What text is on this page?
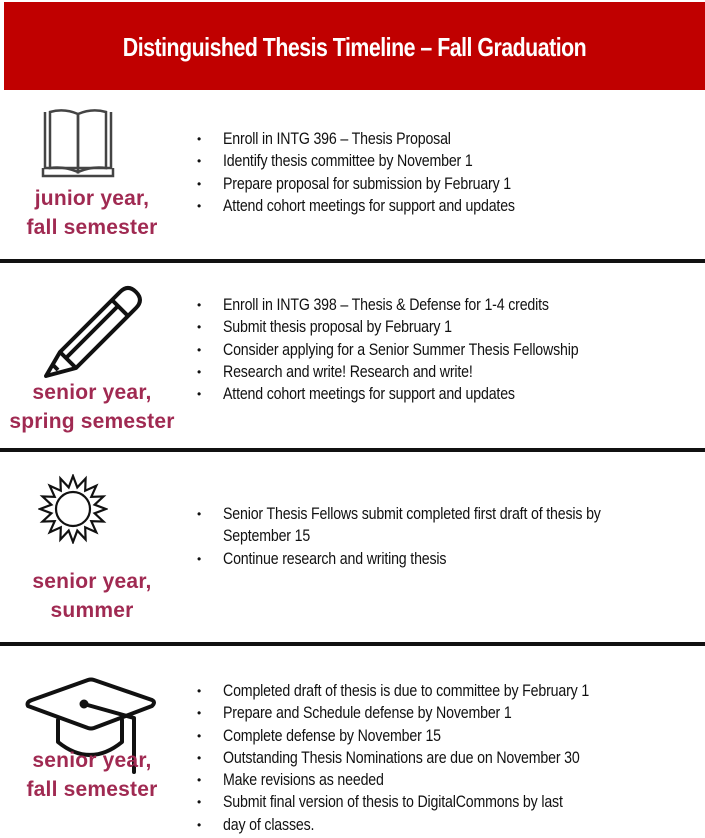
Distinguished Thesis Timeline – Fall Graduation
junior year,
fall semester
• Enroll in INTG 396 – Thesis Proposal
• Identify thesis committee by November 1
• Prepare proposal for submission by February 1
• Attend cohort meetings for support and updates
senior year,
spring semester
• Enroll in INTG 398 – Thesis & Defense for 1-4 credits
• Submit thesis proposal by February 1
• Consider applying for a Senior Summer Thesis Fellowship
• Research and write! Research and write!
• Attend cohort meetings for support and updates
senior year,
summer
• Senior Thesis Fellows submit completed first draft of thesis by
September 15
• Continue research and writing thesis
senior year,
fall semester
• Completed draft of thesis is due to committee by February 1
• Prepare and Schedule defense by November 1
• Complete defense by November 15
• Outstanding Thesis Nominations are due on November 30
• Make revisions as needed
• Submit final version of thesis to DigitalCommons by last
• day of classes.
